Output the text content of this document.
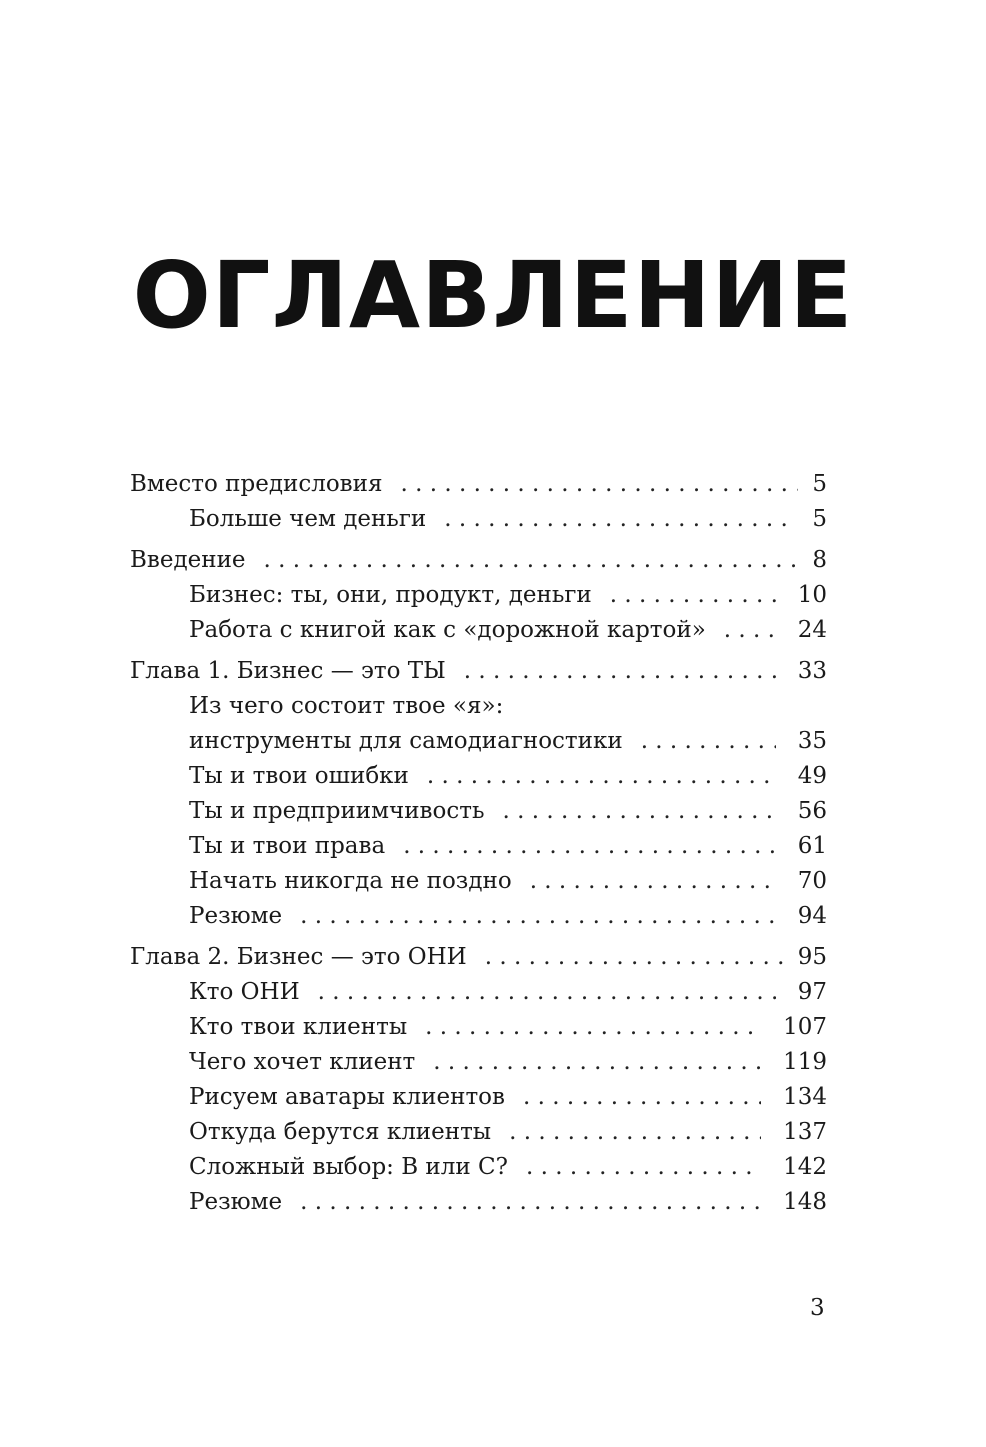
ОГЛАВЛЕНИЕ
Вместо предисловия . . .	5
Больше чем деньги . . .	5
Введение . . .	8
Бизнес: ты, они, продукт, деньги . . .	10
Работа с книгой как с «дорожной картой» . . .	24
Глава 1. Бизнес — это ТЫ . . .	33
Из чего состоит твое «я»:
инструменты для самодиагностики . . .	35
Ты и твои ошибки . . .	49
Ты и предприимчивость . . .	56
Ты и твои права . . .	61
Начать никогда не поздно . . .	70
Резюме . . .	94
Глава 2. Бизнес — это ОНИ . . .	95
Кто ОНИ . . .	97
Кто твои клиенты . . .	107
Чего хочет клиент . . .	119
Рисуем аватары клиентов . . .	134
Откуда берутся клиенты . . .	137
Сложный выбор: B или C? . . .	142
Резюме . . .	148
3
